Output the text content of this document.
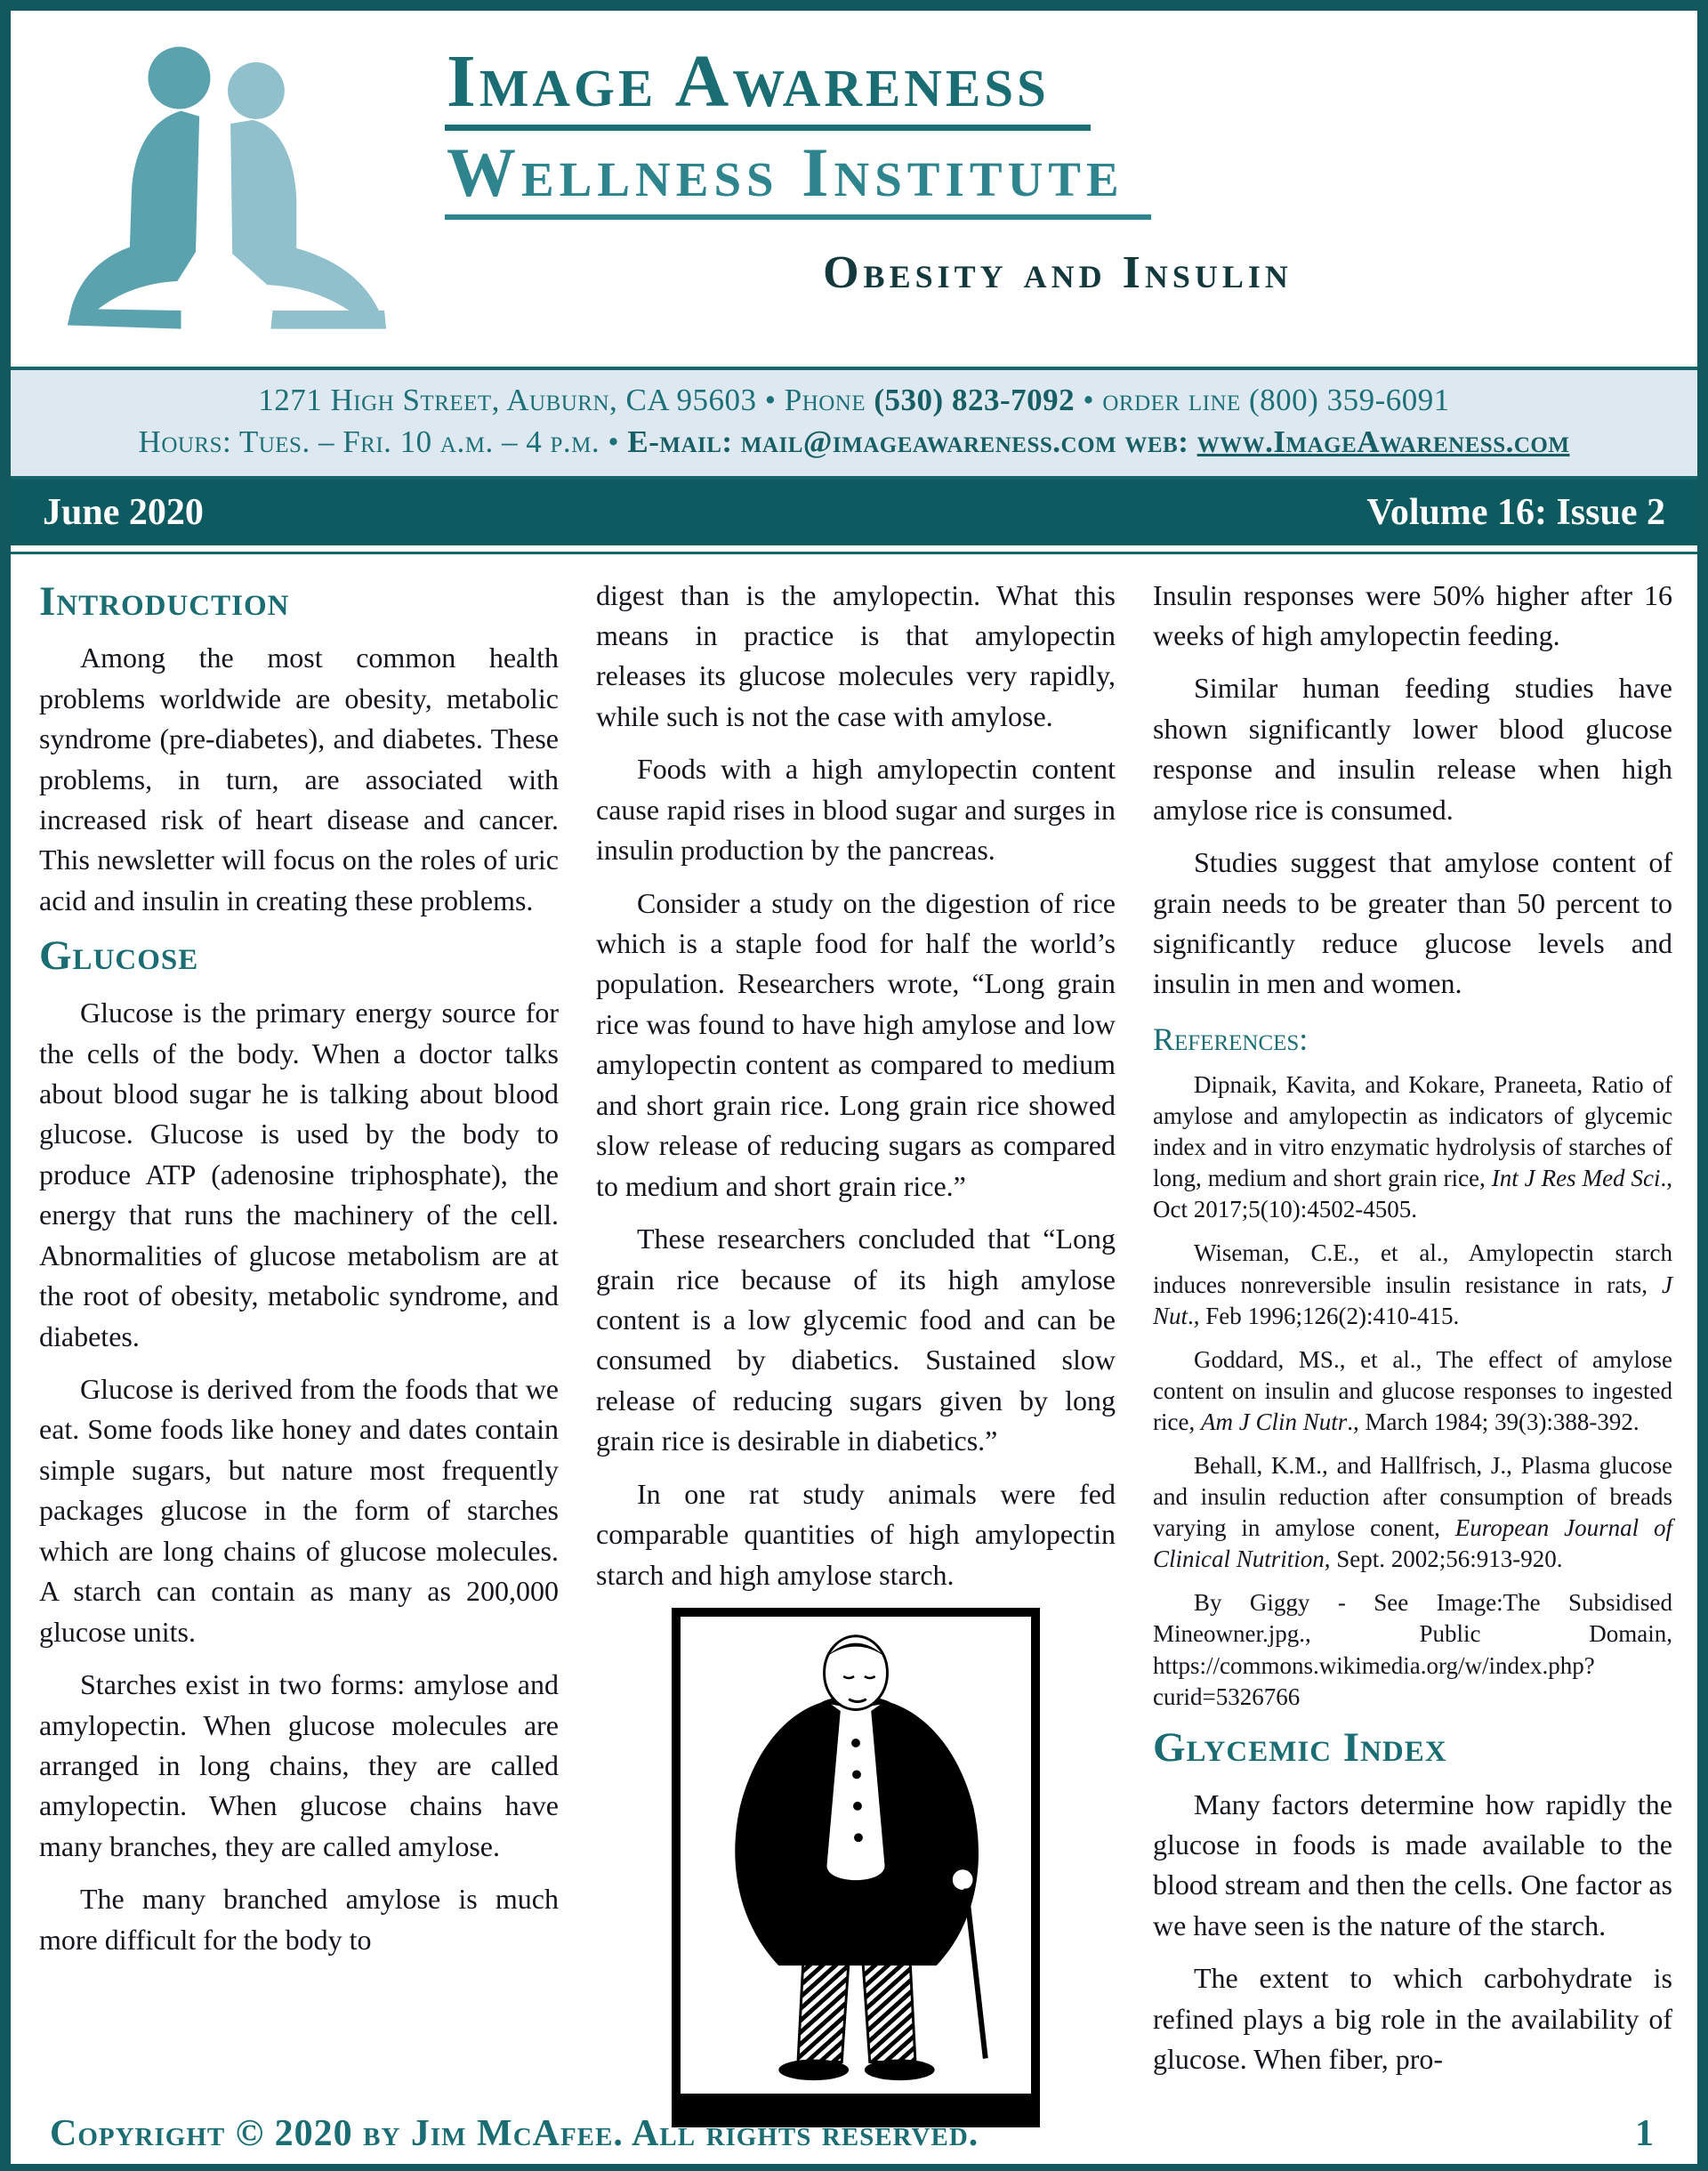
Image Awareness
Wellness Institute
Obesity and Insulin
1271 High Street, Auburn, CA 95603 • Phone (530) 823-7092 • order line (800) 359-6091
Hours: Tues. – Fri. 10 a.m. – 4 p.m. • E-mail: mail@imageawareness.com web: www.ImageAwareness.com
June 2020	Volume 16: Issue 2
Introduction

Among the most common health problems worldwide are obesity, metabolic syndrome (pre-diabetes), and diabetes. These problems, in turn, are associated with increased risk of heart disease and cancer. This newsletter will focus on the roles of uric acid and insulin in creating these problems.

Glucose

Glucose is the primary energy source for the cells of the body. When a doctor talks about blood sugar he is talking about blood glucose. Glucose is used by the body to produce ATP (adenosine triphosphate), the energy that runs the machinery of the cell. Abnormalities of glucose metabolism are at the root of obesity, metabolic syndrome, and diabetes.

Glucose is derived from the foods that we eat. Some foods like honey and dates contain simple sugars, but nature most frequently packages glucose in the form of starches which are long chains of glucose molecules. A starch can contain as many as 200,000 glucose units.

Starches exist in two forms: amylose and amylopectin. When glucose molecules are arranged in long chains, they are called amylopectin. When glucose chains have many branches, they are called amylose.

The many branched amylose is much more difficult for the body to

digest than is the amylopectin. What this means in practice is that amylopectin releases its glucose molecules very rapidly, while such is not the case with amylose.

Foods with a high amylopectin content cause rapid rises in blood sugar and surges in insulin production by the pancreas.

Consider a study on the digestion of rice which is a staple food for half the world’s population. Researchers wrote, “Long grain rice was found to have high amylose and low amylopectin content as compared to medium and short grain rice. Long grain rice showed slow release of reducing sugars as compared to medium and short grain rice.”

These researchers concluded that “Long grain rice because of its high amylose content is a low glycemic food and can be consumed by diabetics. Sustained slow release of reducing sugars given by long grain rice is desirable in diabetics.”

In one rat study animals were fed comparable quantities of high amylopectin starch and high amylose starch.

Insulin responses were 50% higher after 16 weeks of high amylopectin feeding.

Similar human feeding studies have shown significantly lower blood glucose response and insulin release when high amylose rice is consumed.

Studies suggest that amylose content of grain needs to be greater than 50 percent to significantly reduce glucose levels and insulin in men and women.

References:

Dipnaik, Kavita, and Kokare, Praneeta, Ratio of amylose and amylopectin as indicators of glycemic index and in vitro enzymatic hydrolysis of starches of long, medium and short grain rice, Int J Res Med Sci., Oct 2017;5(10):4502-4505.

Wiseman, C.E., et al., Amylopectin starch induces nonreversible insulin resistance in rats, J Nut., Feb 1996;126(2):410-415.

Goddard, MS., et al., The effect of amylose content on insulin and glucose responses to ingested rice, Am J Clin Nutr., March 1984; 39(3):388-392.

Behall, K.M., and Hallfrisch, J., Plasma glucose and insulin reduction after consumption of breads varying in amylose conent, European Journal of Clinical Nutrition, Sept. 2002;56:913-920.

By Giggy - See Image:The Subsidised Mineowner.jpg., Public Domain, https://commons.wikimedia.org/w/index.php?curid=5326766

Glycemic Index

Many factors determine how rapidly the glucose in foods is made available to the blood stream and then the cells. One factor as we have seen is the nature of the starch.

The extent to which carbohydrate is refined plays a big role in the availability of glucose. When fiber, pro-

Copyright © 2020 by Jim McAfee. All rights reserved.	1
